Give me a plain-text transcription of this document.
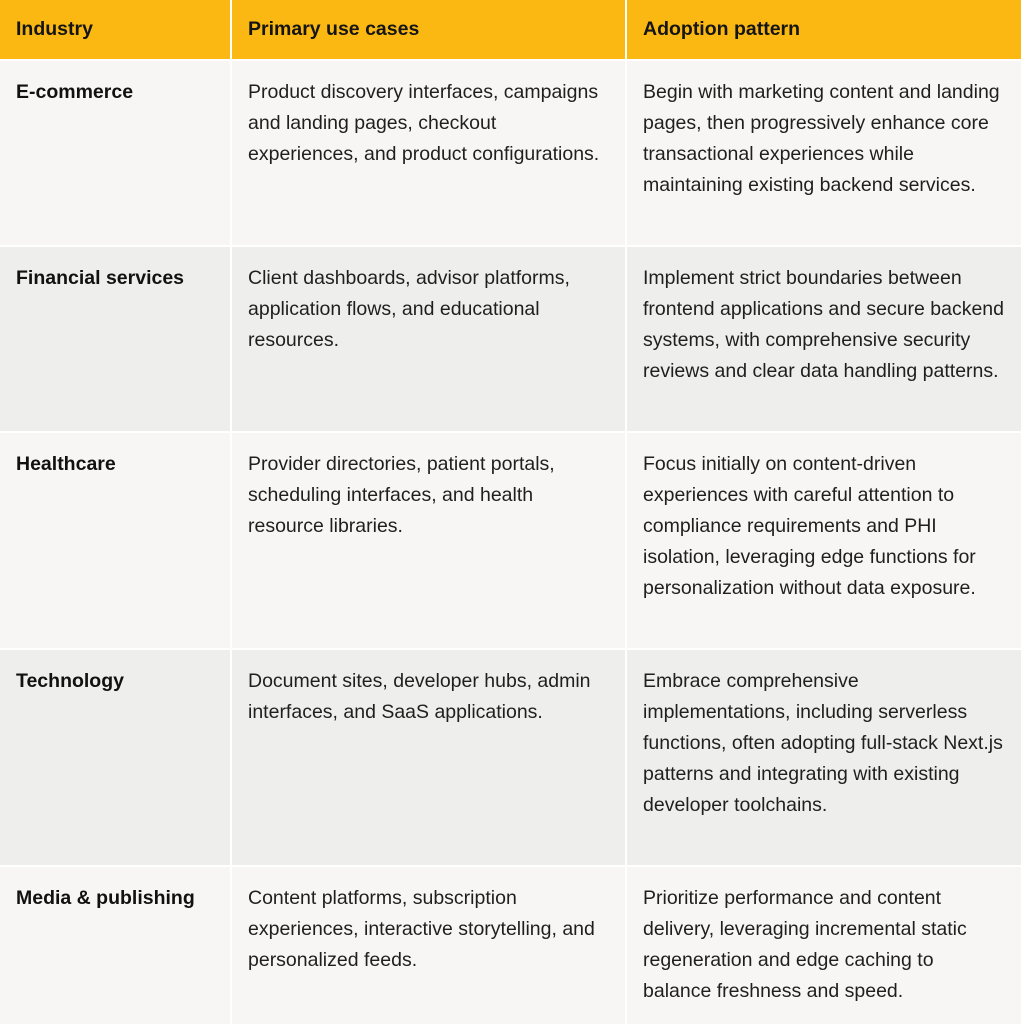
Industry	Primary use cases	Adoption pattern
E-commerce	Product discovery interfaces, campaigns and landing pages, checkout experiences, and product configurations.	Begin with marketing content and landing pages, then progressively enhance core transactional experiences while maintaining existing backend services.
Financial services	Client dashboards, advisor platforms, application flows, and educational resources.	Implement strict boundaries between frontend applications and secure backend systems, with comprehensive security reviews and clear data handling patterns.
Healthcare	Provider directories, patient portals, scheduling interfaces, and health resource libraries.	Focus initially on content-driven experiences with careful attention to compliance requirements and PHI isolation, leveraging edge functions for personalization without data exposure.
Technology	Document sites, developer hubs, admin interfaces, and SaaS applications.	Embrace comprehensive implementations, including serverless functions, often adopting full-stack Next.js patterns and integrating with existing developer toolchains.
Media & publishing	Content platforms, subscription experiences, interactive storytelling, and personalized feeds.	Prioritize performance and content delivery, leveraging incremental static regeneration and edge caching to balance freshness and speed.
